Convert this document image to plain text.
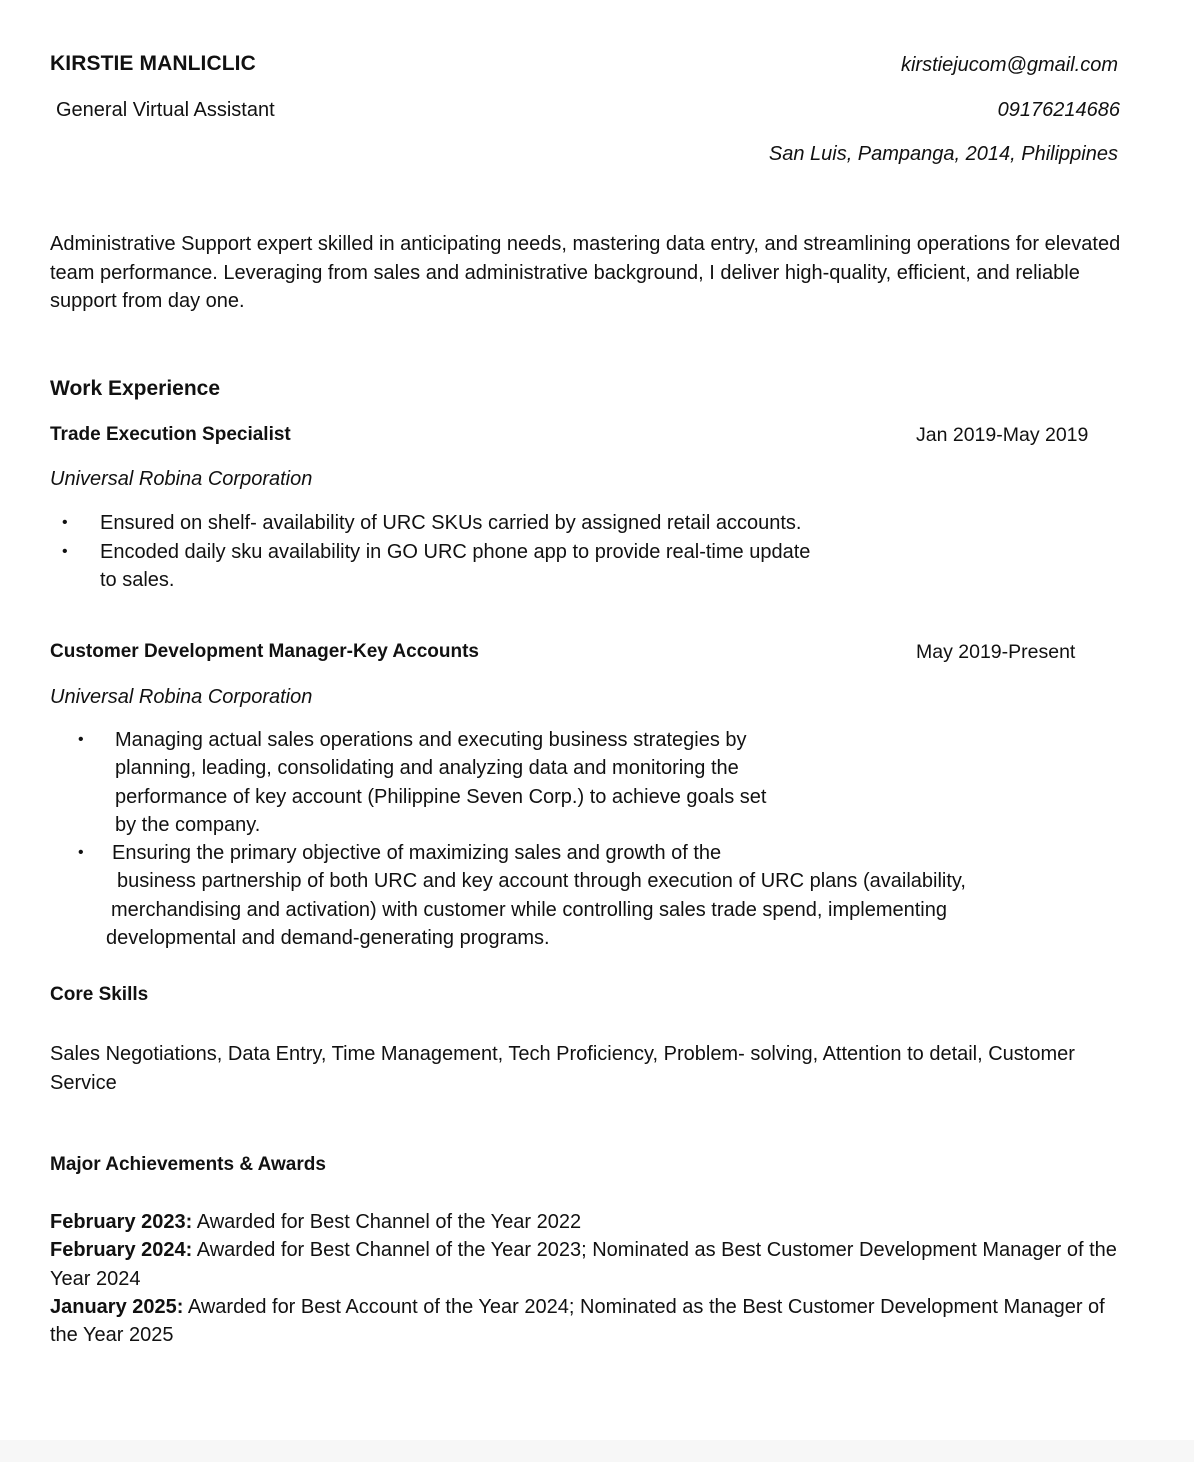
KIRSTIE MANLICLIC
General Virtual Assistant
kirstiejucom@gmail.com
09176214686
San Luis, Pampanga, 2014, Philippines
Administrative Support expert skilled in anticipating needs, mastering data entry, and streamlining operations for elevated team performance. Leveraging from sales and administrative background, I deliver high-quality, efficient, and reliable support from day one.
Work Experience
Trade Execution Specialist	Jan 2019-May 2019
Universal Robina Corporation
• Ensured on shelf- availability of URC SKUs carried by assigned retail accounts.
• Encoded daily sku availability in GO URC phone app to provide real-time update
to sales.
Customer Development Manager-Key Accounts	May 2019-Present
Universal Robina Corporation
• Managing actual sales operations and executing business strategies by
planning, leading, consolidating and analyzing data and monitoring the
performance of key account (Philippine Seven Corp.) to achieve goals set
by the company.
• Ensuring the primary objective of maximizing sales and growth of the
business partnership of both URC and key account through execution of URC plans (availability,
merchandising and activation) with customer while controlling sales trade spend, implementing
developmental and demand-generating programs.
Core Skills
Sales Negotiations, Data Entry, Time Management, Tech Proficiency, Problem- solving, Attention to detail, Customer Service
Major Achievements & Awards
February 2023: Awarded for Best Channel of the Year 2022
February 2024: Awarded for Best Channel of the Year 2023; Nominated as Best Customer Development Manager of the Year 2024
January 2025: Awarded for Best Account of the Year 2024; Nominated as the Best Customer Development Manager of the Year 2025
